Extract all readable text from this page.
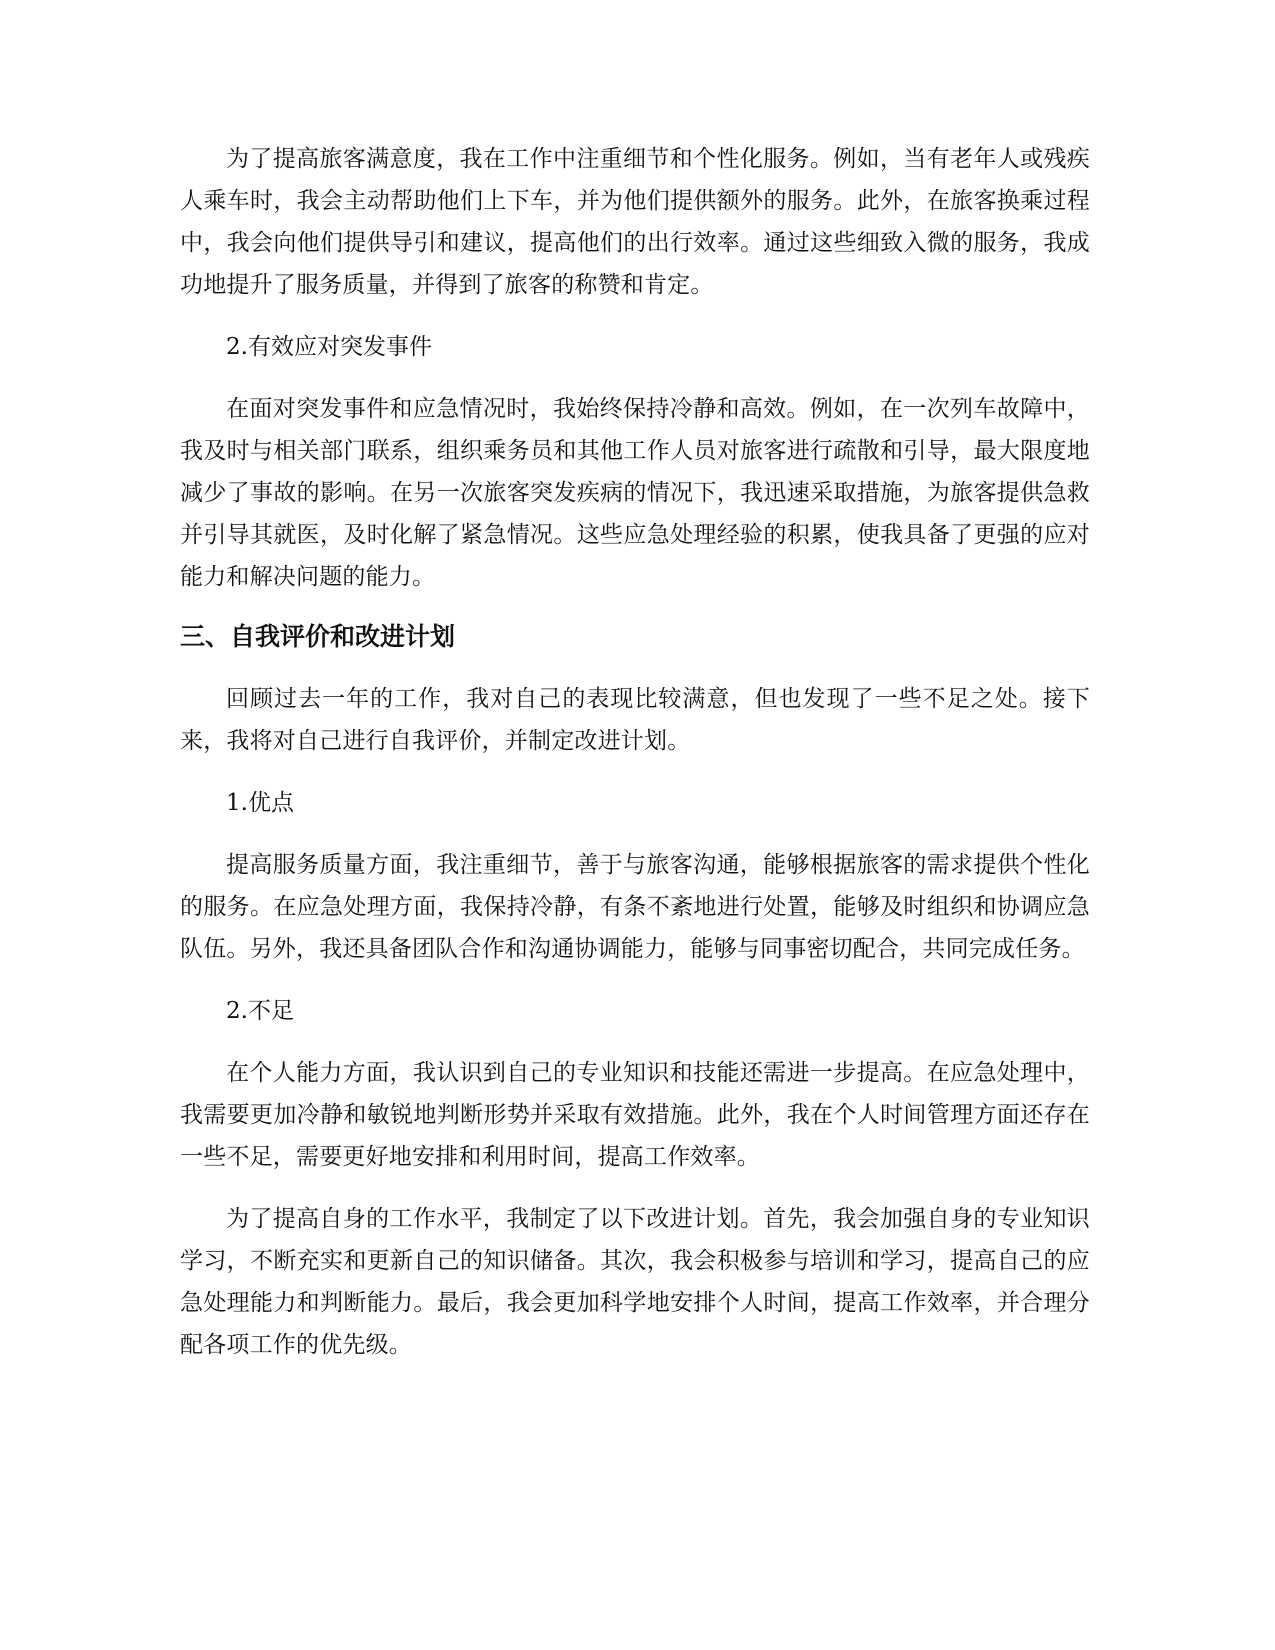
为了提高旅客满意度，我在工作中注重细节和个性化服务。例如，当有老年人或残疾人乘车时，我会主动帮助他们上下车，并为他们提供额外的服务。此外，在旅客换乘过程中，我会向他们提供导引和建议，提高他们的出行效率。通过这些细致入微的服务，我成功地提升了服务质量，并得到了旅客的称赞和肯定。

2.有效应对突发事件

在面对突发事件和应急情况时，我始终保持冷静和高效。例如，在一次列车故障中，我及时与相关部门联系，组织乘务员和其他工作人员对旅客进行疏散和引导，最大限度地减少了事故的影响。在另一次旅客突发疾病的情况下，我迅速采取措施，为旅客提供急救并引导其就医，及时化解了紧急情况。这些应急处理经验的积累，使我具备了更强的应对能力和解决问题的能力。

三、自我评价和改进计划

回顾过去一年的工作，我对自己的表现比较满意，但也发现了一些不足之处。接下来，我将对自己进行自我评价，并制定改进计划。

1.优点

提高服务质量方面，我注重细节，善于与旅客沟通，能够根据旅客的需求提供个性化的服务。在应急处理方面，我保持冷静，有条不紊地进行处置，能够及时组织和协调应急队伍。另外，我还具备团队合作和沟通协调能力，能够与同事密切配合，共同完成任务。

2.不足

在个人能力方面，我认识到自己的专业知识和技能还需进一步提高。在应急处理中，我需要更加冷静和敏锐地判断形势并采取有效措施。此外，我在个人时间管理方面还存在一些不足，需要更好地安排和利用时间，提高工作效率。

为了提高自身的工作水平，我制定了以下改进计划。首先，我会加强自身的专业知识学习，不断充实和更新自己的知识储备。其次，我会积极参与培训和学习，提高自己的应急处理能力和判断能力。最后，我会更加科学地安排个人时间，提高工作效率，并合理分配各项工作的优先级。
